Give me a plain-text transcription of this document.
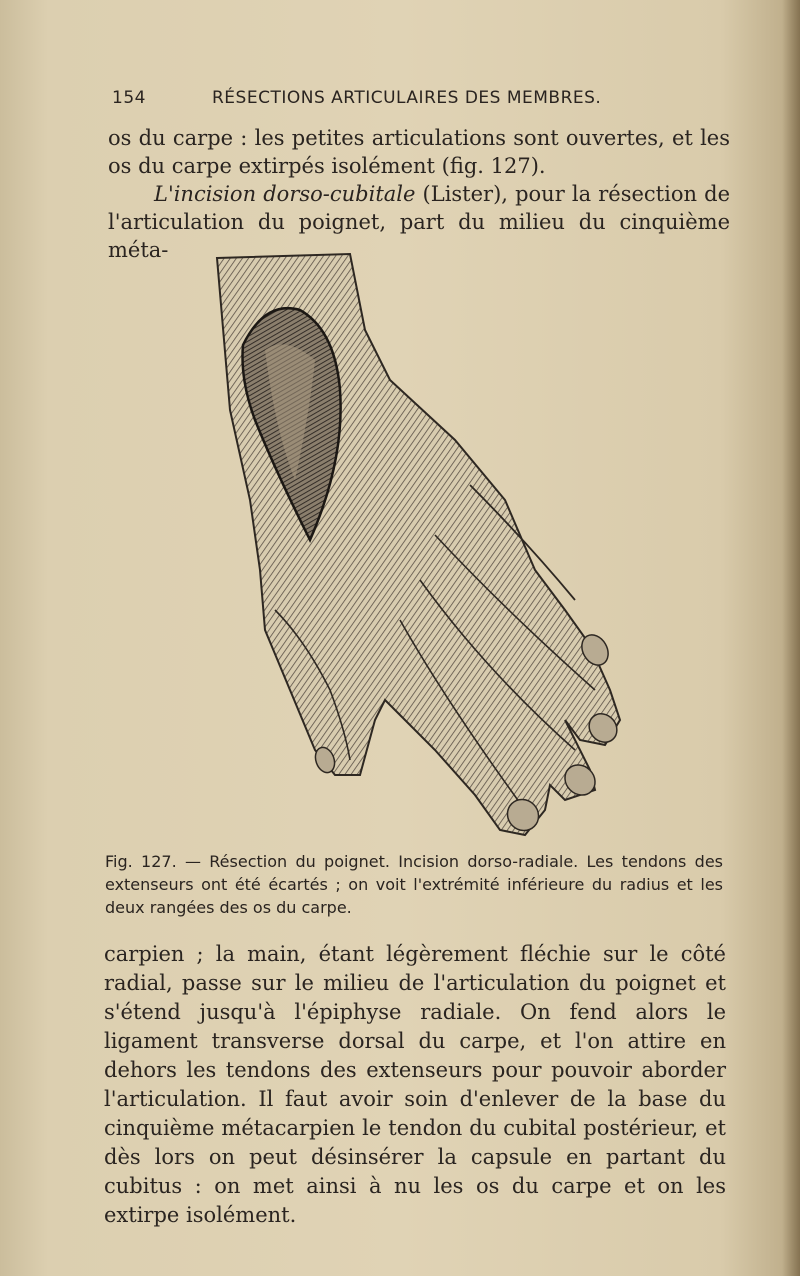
154	RÉSECTIONS ARTICULAIRES DES MEMBRES.

os du carpe : les petites articulations sont ouvertes, et les os du carpe extirpés isolément (fig. 127).

L'incision dorso-cubitale (Lister), pour la résection de l'articulation du poignet, part du milieu du cinquième méta-

Fig. 127. — Résection du poignet. Incision dorso-radiale. Les tendons des extenseurs ont été écartés ; on voit l'extrémité inférieure du radius et les deux rangées des os du carpe.

carpien ; la main, étant légèrement fléchie sur le côté radial, passe sur le milieu de l'articulation du poignet et s'étend jusqu'à l'épiphyse radiale. On fend alors le ligament transverse dorsal du carpe, et l'on attire en dehors les tendons des extenseurs pour pouvoir aborder l'articulation. Il faut avoir soin d'enlever de la base du cinquième métacarpien le tendon du cubital postérieur, et dès lors on peut désinsérer la capsule en partant du cubitus : on met ainsi à nu les os du carpe et on les extirpe isolément.
